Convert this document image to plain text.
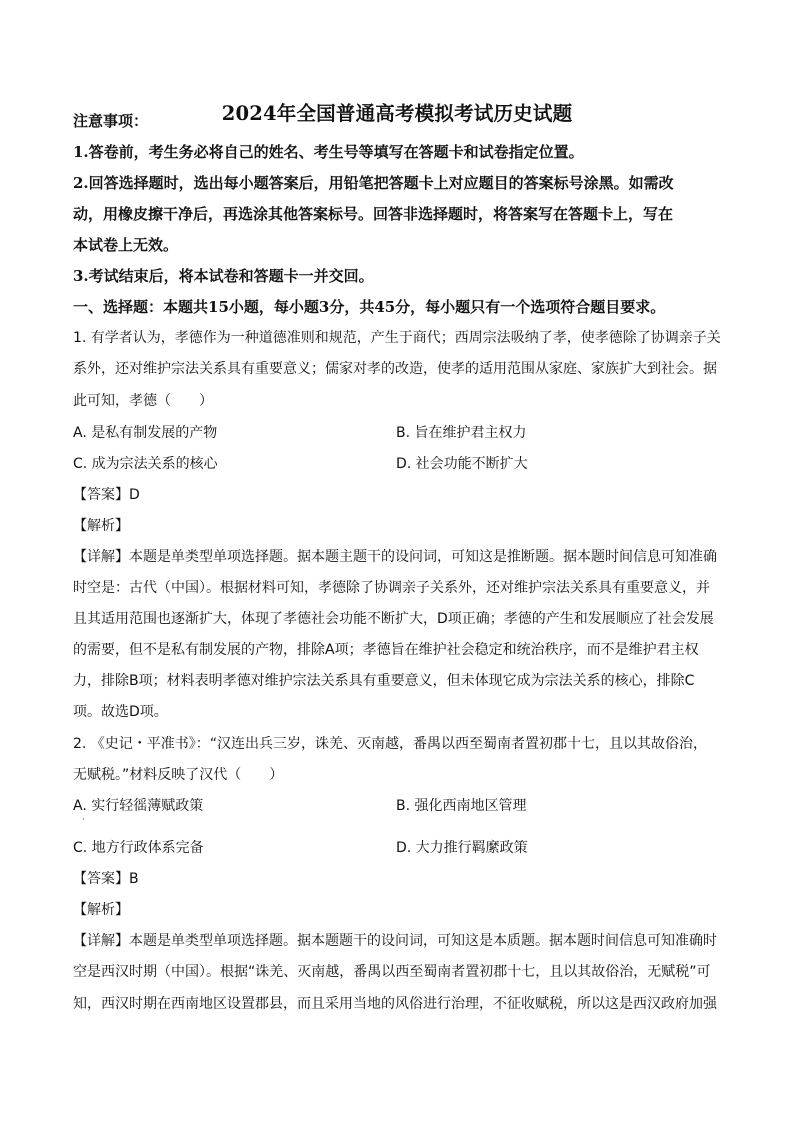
2024年全国普通高考模拟考试历史试题
注意事项：
1.答卷前，考生务必将自己的姓名、考生号等填写在答题卡和试卷指定位置。
2.回答选择题时，选出每小题答案后，用铅笔把答题卡上对应题目的答案标号涂黑。如需改
动，用橡皮擦干净后，再选涂其他答案标号。回答非选择题时，将答案写在答题卡上，写在
本试卷上无效。
3.考试结束后，将本试卷和答题卡一并交回。
一、选择题：本题共15小题，每小题3分，共45分，每小题只有一个选项符合题目要求。
1. 有学者认为，孝德作为一种道德准则和规范，产生于商代；西周宗法吸纳了孝，使孝德除了协调亲子关
系外，还对维护宗法关系具有重要意义；儒家对孝的改造，使孝的适用范围从家庭、家族扩大到社会。据
此可知，孝德（　　）
A. 是私有制发展的产物	B. 旨在维护君主权力
C. 成为宗法关系的核心	D. 社会功能不断扩大
【答案】D
【解析】
【详解】本题是单类型单项选择题。据本题主题干的设问词，可知这是推断题。据本题时间信息可知准确
时空是：古代（中国）。根据材料可知，孝德除了协调亲子关系外，还对维护宗法关系具有重要意义，并
且其适用范围也逐渐扩大，体现了孝德社会功能不断扩大，D项正确；孝德的产生和发展顺应了社会发展
的需要，但不是私有制发展的产物，排除A项；孝德旨在维护社会稳定和统治秩序，而不是维护君主权
力，排除B项；材料表明孝德对维护宗法关系具有重要意义，但未体现它成为宗法关系的核心，排除C
项。故选D项。
2. 《史记・平准书》：“汉连出兵三岁，诛羌、灭南越，番禺以西至蜀南者置初郡十七，且以其故俗治，
无赋税。”材料反映了汉代（　　）
A. 实行轻徭薄赋政策	B. 强化西南地区管理
·
C. 地方行政体系完备	D. 大力推行羁縻政策
【答案】B
【解析】
【详解】本题是单类型单项选择题。据本题题干的设问词，可知这是本质题。据本题时间信息可知准确时
空是西汉时期（中国）。根据“诛羌、灭南越，番禺以西至蜀南者置初郡十七，且以其故俗治，无赋税”可
知，西汉时期在西南地区设置郡县，而且采用当地的风俗进行治理，不征收赋税，所以这是西汉政府加强
